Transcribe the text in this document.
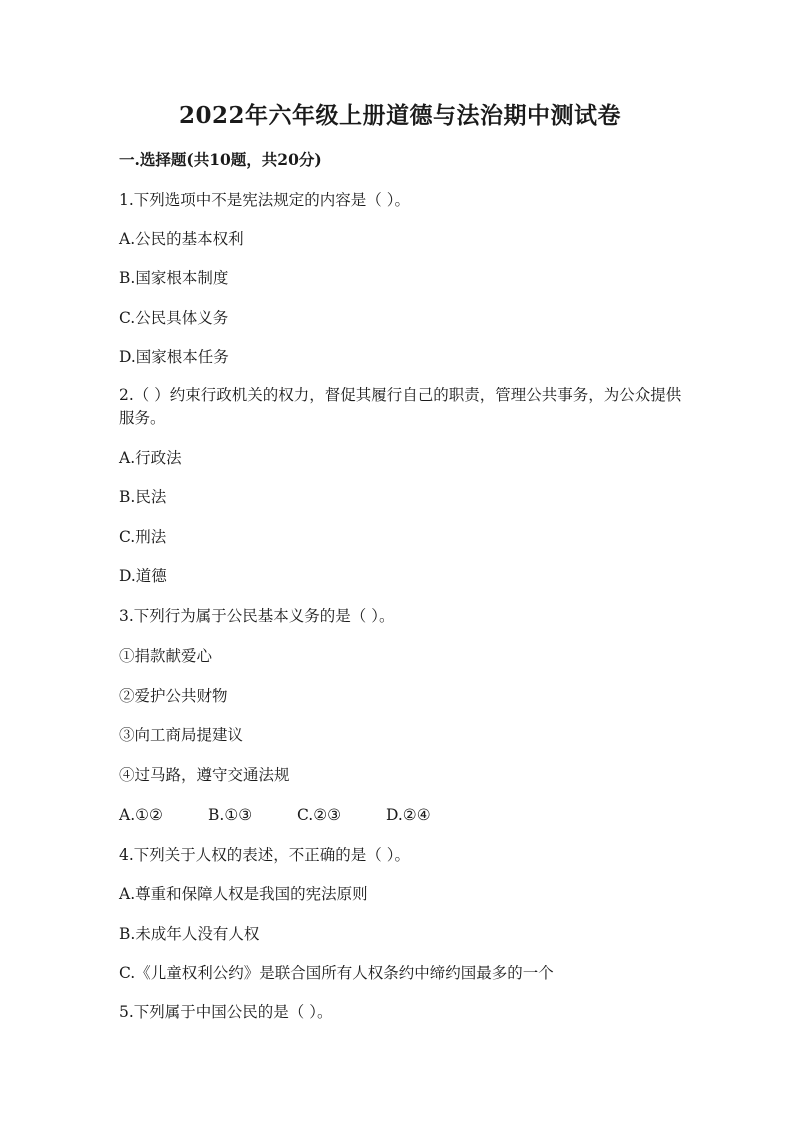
2022年六年级上册道德与法治期中测试卷
一.选择题(共10题，共20分)
1.下列选项中不是宪法规定的内容是（ ）。
A.公民的基本权利
B.国家根本制度
C.公民具体义务
D.国家根本任务
2.（ ）约束行政机关的权力，督促其履行自己的职责，管理公共事务，为公众提供服务。
A.行政法
B.民法
C.刑法
D.道德
3.下列行为属于公民基本义务的是（ ）。
①捐款献爱心
②爱护公共财物
③向工商局提建议
④过马路，遵守交通法规
A.①②	B.①③	C.②③	D.②④
4.下列关于人权的表述，不正确的是（ ）。
A.尊重和保障人权是我国的宪法原则
B.未成年人没有人权
C.《儿童权利公约》是联合国所有人权条约中缔约国最多的一个
5.下列属于中国公民的是（ ）。
